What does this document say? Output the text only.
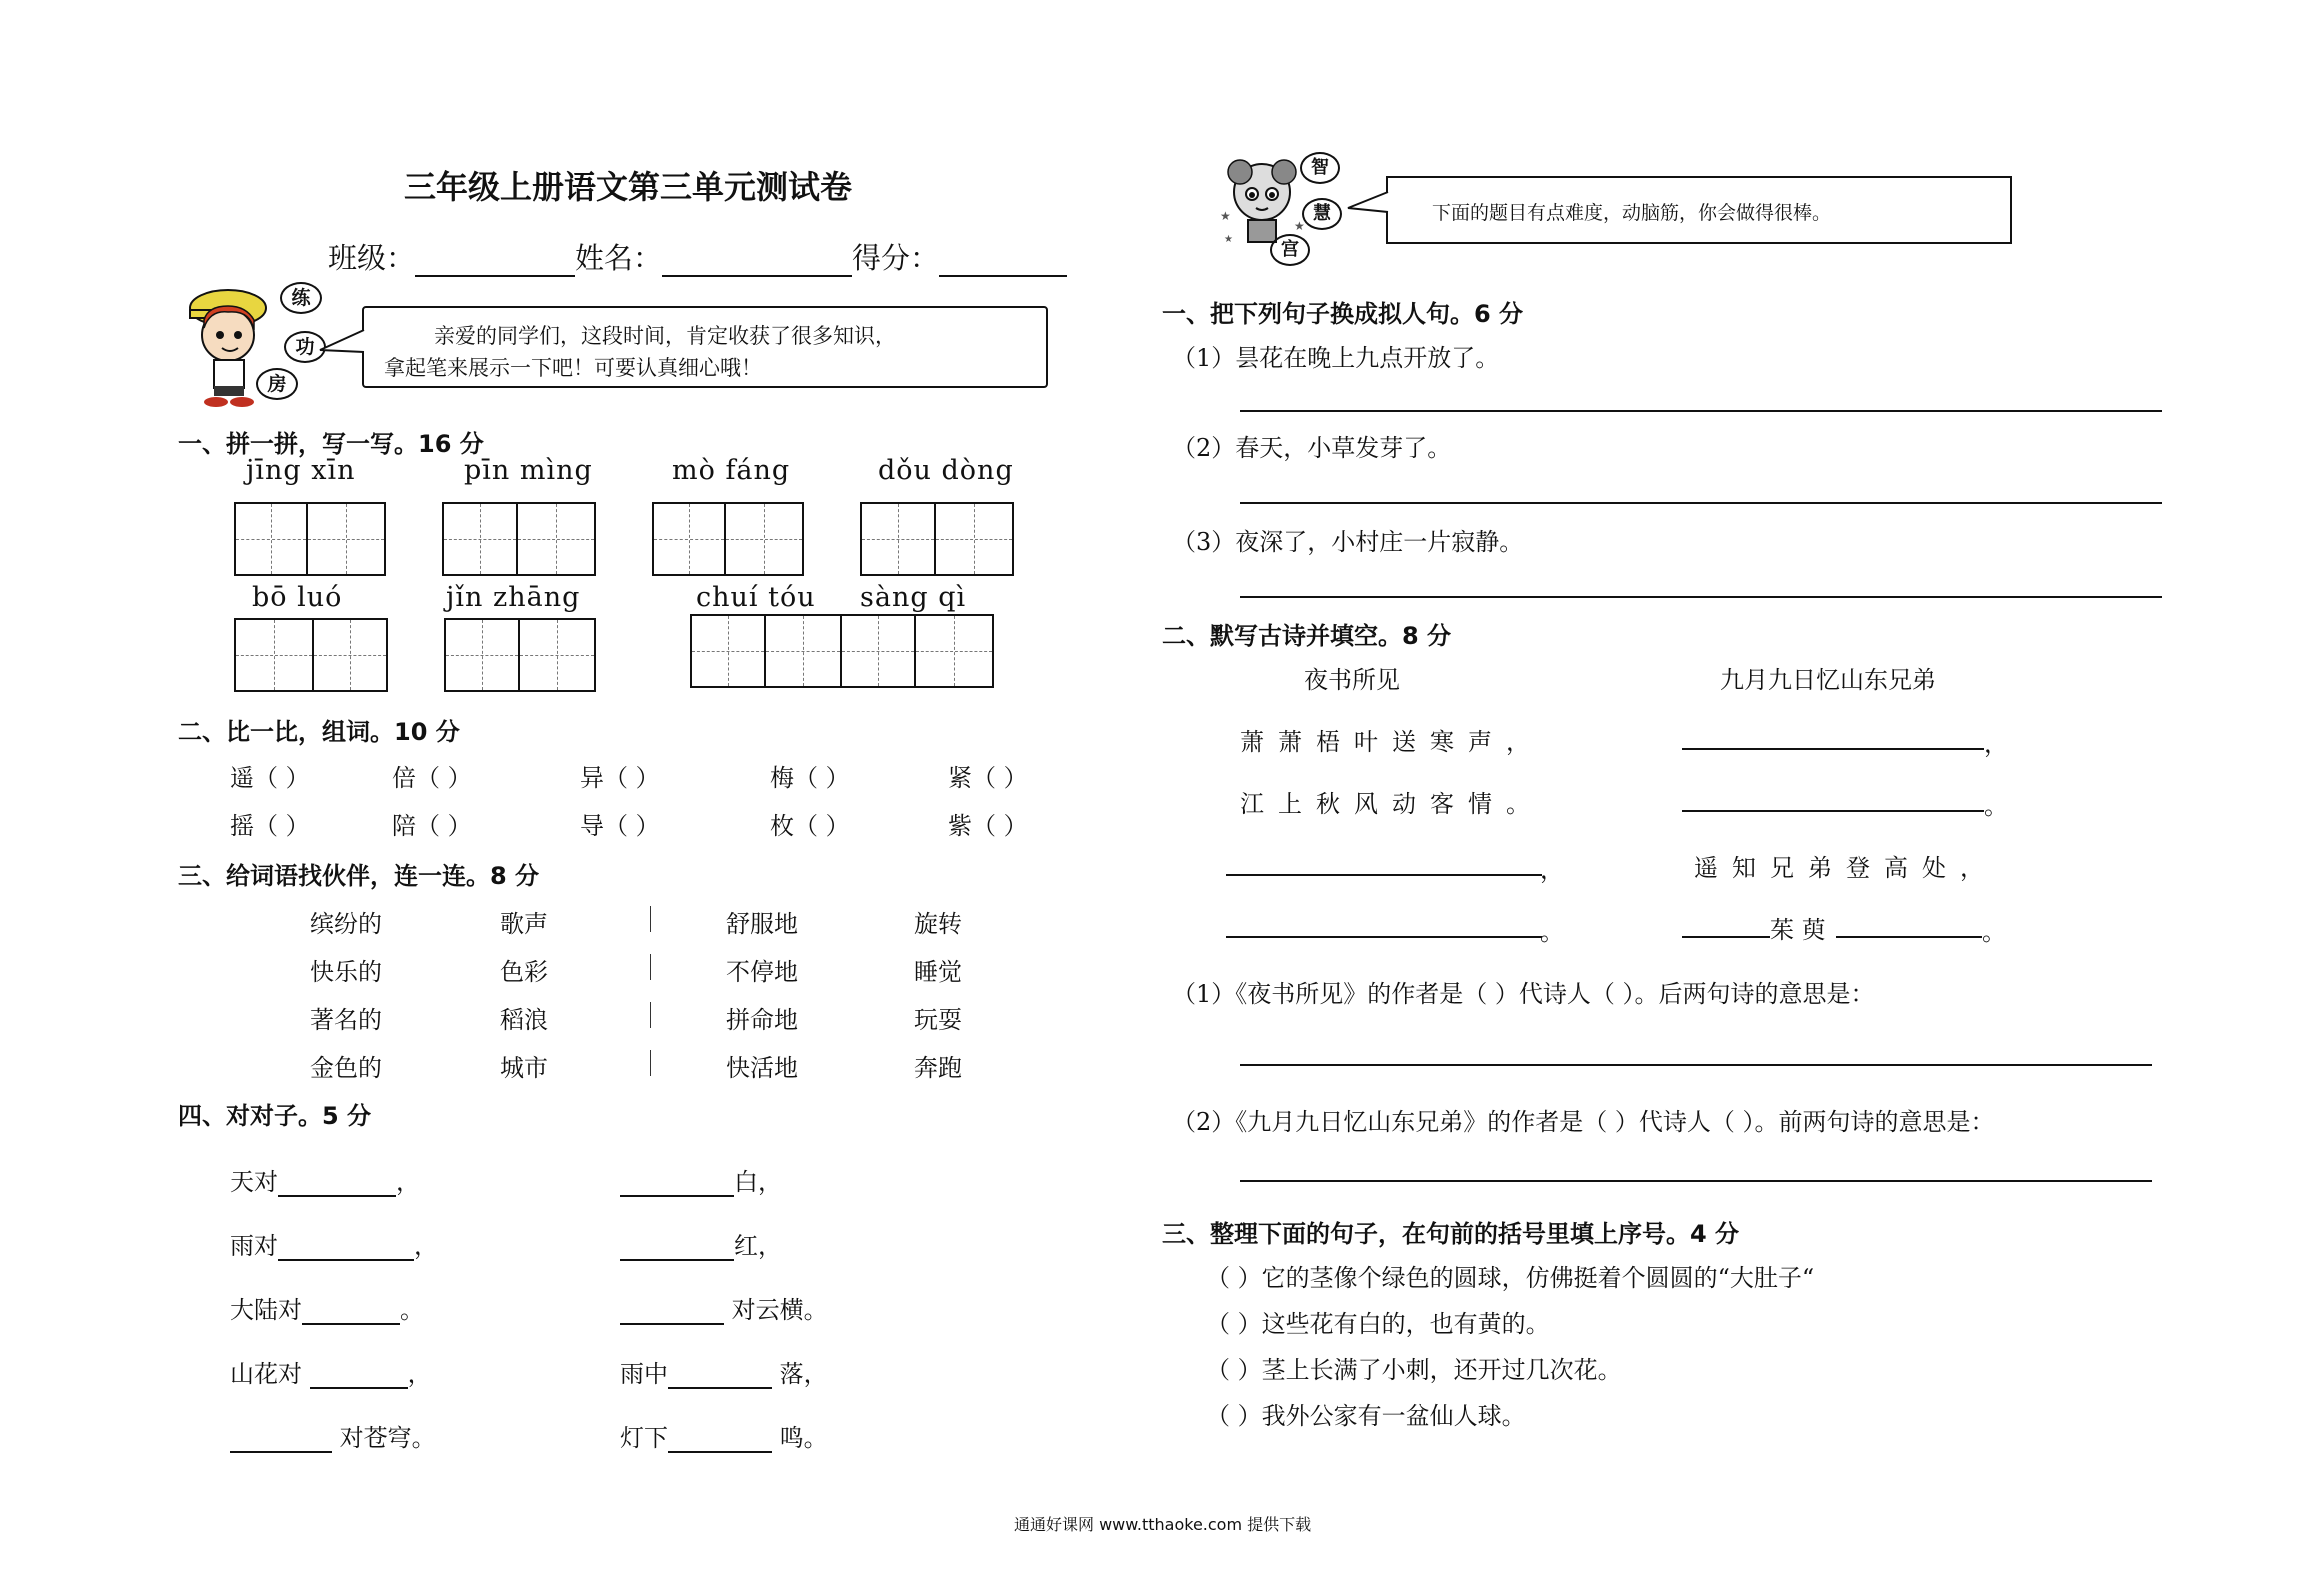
三年级上册语文第三单元测试卷
班级：	姓名：	得分：
练
功
房
亲爱的同学们，这段时间，肯定收获了很多知识，
拿起笔来展示一下吧！可要认真细心哦！
一、拼一拼，写一写。16 分
jīng xīn	pīn mìng	mò fáng	dǒu dòng
bō luó	jǐn zhāng	chuí tóu sàng qì
二、比一比，组词。10 分
遥（ ）	倍（ ）	异（ ）	梅（ ）	紧（ ）
摇（ ）	陪（ ）	导（ ）	枚（ ）	紫（ ）
三、给词语找伙伴，连一连。8 分
缤纷的	歌声	舒服地	旋转
快乐的	色彩	不停地	睡觉
著名的	稻浪	拼命地	玩耍
金色的	城市	快活地	奔跑
四、对对子。5 分
天对	，	白，
雨对	，	红，
大陆对	。	对云横。
山花对	，	雨中	落，
对苍穹。	灯下	鸣。
★
★
★
智
慧
宫
下面的题目有点难度，动脑筋，你会做得很棒。
一、把下列句子换成拟人句。6 分
（1）昙花在晚上九点开放了。
（2）春天，小草发芽了。
（3）夜深了，小村庄一片寂静。
二、默写古诗并填空。8 分
夜书所见	九月九日忆山东兄弟
萧萧梧叶送寒声，	，
江上秋风动客情。	。
，	遥知兄弟登高处，
。	茱 萸	。
（1）《夜书所见》的作者是（ ）代诗人（ ）。后两句诗的意思是：
（2）《九月九日忆山东兄弟》的作者是（ ）代诗人（ ）。前两句诗的意思是：
三、整理下面的句子，在句前的括号里填上序号。4 分
（ ）它的茎像个绿色的圆球，仿佛挺着个圆圆的“大肚子“
（ ）这些花有白的，也有黄的。
（ ）茎上长满了小刺，还开过几次花。
（ ）我外公家有一盆仙人球。
通通好课网 www.tthaoke.com 提供下载
